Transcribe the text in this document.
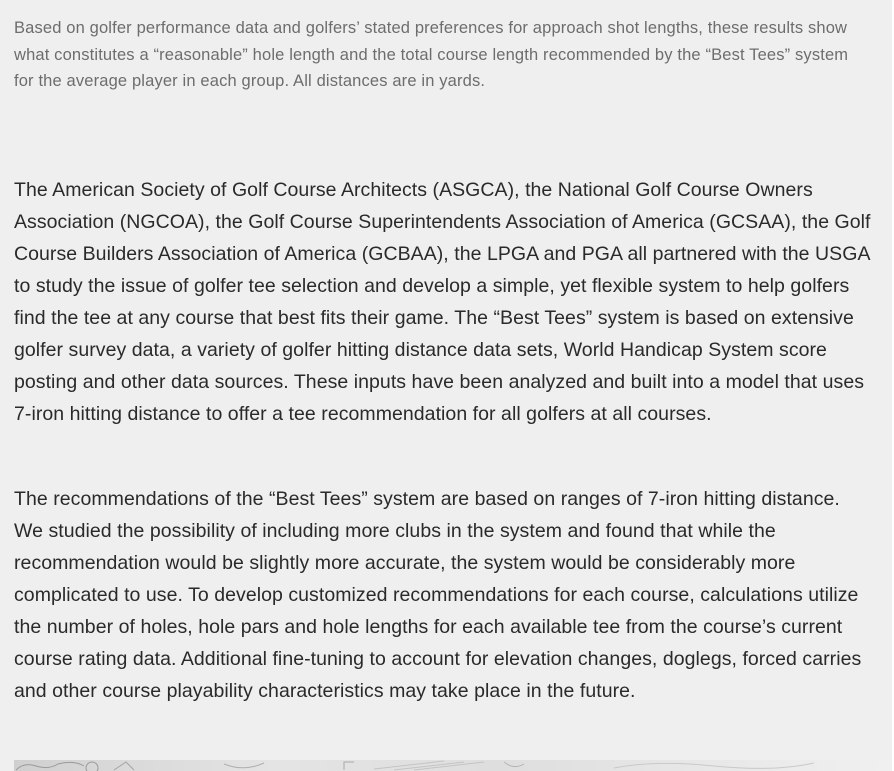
Based on golfer performance data and golfers’ stated preferences for approach shot lengths, these results show what constitutes a “reasonable” hole length and the total course length recommended by the “Best Tees” system for the average player in each group. All distances are in yards.

The American Society of Golf Course Architects (ASGCA), the National Golf Course Owners Association (NGCOA), the Golf Course Superintendents Association of America (GCSAA), the Golf Course Builders Association of America (GCBAA), the LPGA and PGA all partnered with the USGA to study the issue of golfer tee selection and develop a simple, yet flexible system to help golfers find the tee at any course that best fits their game. The “Best Tees” system is based on extensive golfer survey data, a variety of golfer hitting distance data sets, World Handicap System score posting and other data sources. These inputs have been analyzed and built into a model that uses 7-iron hitting distance to offer a tee recommendation for all golfers at all courses.

The recommendations of the “Best Tees” system are based on ranges of 7-iron hitting distance. We studied the possibility of including more clubs in the system and found that while the recommendation would be slightly more accurate, the system would be considerably more complicated to use. To develop customized recommendations for each course, calculations utilize the number of holes, hole pars and hole lengths for each available tee from the course’s current course rating data. Additional fine-tuning to account for elevation changes, doglegs, forced carries and other course playability characteristics may take place in the future.
